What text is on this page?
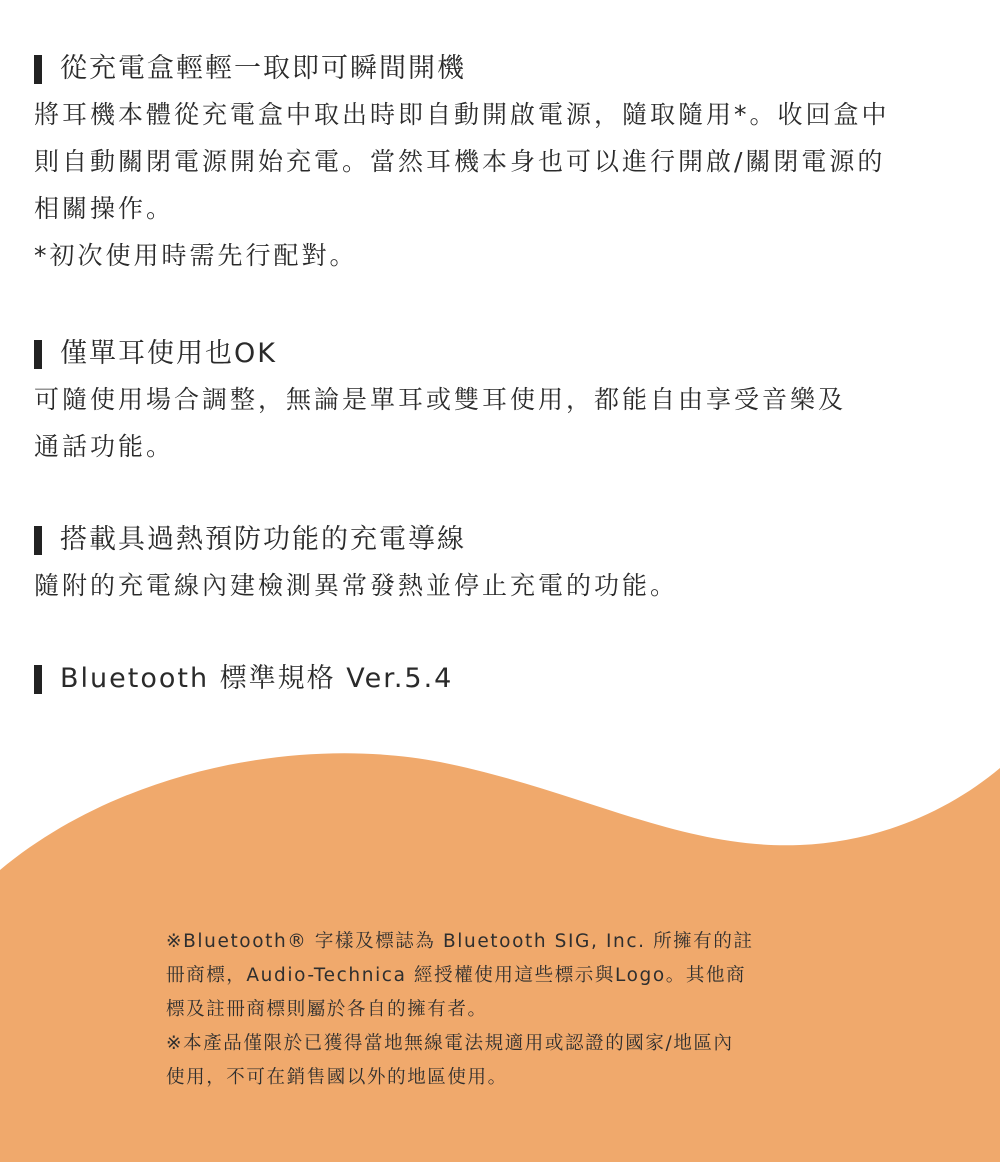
從充電盒輕輕一取即可瞬間開機

將耳機本體從充電盒中取出時即自動開啟電源，隨取隨用*。收回盒中

則自動關閉電源開始充電。當然耳機本身也可以進行開啟/關閉電源的

相關操作。

*初次使用時需先行配對。

僅單耳使用也OK

可隨使用場合調整，無論是單耳或雙耳使用，都能自由享受音樂及

通話功能。

搭載具過熱預防功能的充電導線

隨附的充電線內建檢測異常發熱並停止充電的功能。

Bluetooth 標準規格 Ver.5.4

※Bluetooth® 字樣及標誌為 Bluetooth SIG, Inc. 所擁有的註

冊商標，Audio-Technica 經授權使用這些標示與Logo。其他商

標及註冊商標則屬於各自的擁有者。

※本產品僅限於已獲得當地無線電法規適用或認證的國家/地區內

使用，不可在銷售國以外的地區使用。
